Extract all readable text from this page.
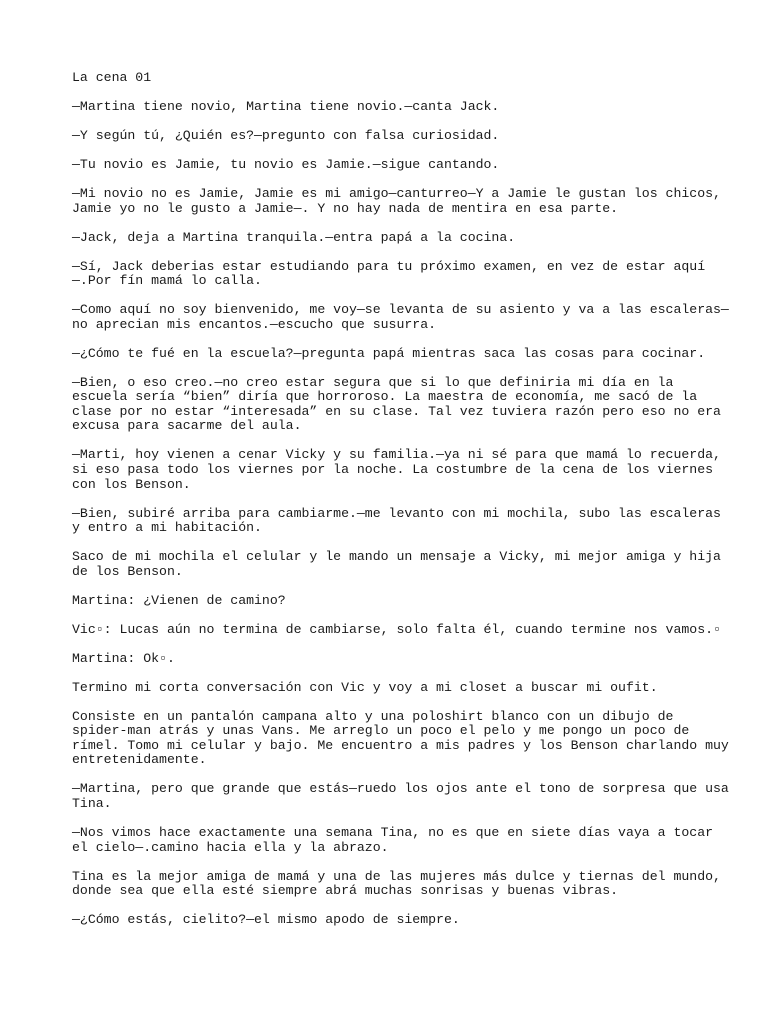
La cena 01

—Martina tiene novio, Martina tiene novio.—canta Jack.

—Y según tú, ¿Quién es?—pregunto con falsa curiosidad.

—Tu novio es Jamie, tu novio es Jamie.—sigue cantando.

—Mi novio no es Jamie, Jamie es mi amigo—canturreo—Y a Jamie le gustan los chicos,
Jamie yo no le gusto a Jamie—. Y no hay nada de mentira en esa parte.

—Jack, deja a Martina tranquila.—entra papá a la cocina.

—Sí, Jack deberias estar estudiando para tu próximo examen, en vez de estar aquí
—.Por fín mamá lo calla.

—Como aquí no soy bienvenido, me voy—se levanta de su asiento y va a las escaleras—
no aprecian mis encantos.—escucho que susurra.

—¿Cómo te fué en la escuela?—pregunta papá mientras saca las cosas para cocinar.

—Bien, o eso creo.—no creo estar segura que si lo que definiria mi día en la
escuela sería “bien” diría que horroroso. La maestra de economía, me sacó de la
clase por no estar “interesada” en su clase. Tal vez tuviera razón pero eso no era
excusa para sacarme del aula.

—Marti, hoy vienen a cenar Vicky y su familia.—ya ni sé para que mamá lo recuerda,
si eso pasa todo los viernes por la noche. La costumbre de la cena de los viernes
con los Benson.

—Bien, subiré arriba para cambiarme.—me levanto con mi mochila, subo las escaleras
y entro a mi habitación.

Saco de mi mochila el celular y le mando un mensaje a Vicky, mi mejor amiga y hija
de los Benson.

Martina: ¿Vienen de camino?

Vic▫: Lucas aún no termina de cambiarse, solo falta él, cuando termine nos vamos.▫

Martina: Ok▫.

Termino mi corta conversación con Vic y voy a mi closet a buscar mi oufit.

Consiste en un pantalón campana alto y una poloshirt blanco con un dibujo de
spider-man atrás y unas Vans. Me arreglo un poco el pelo y me pongo un poco de
rímel. Tomo mi celular y bajo. Me encuentro a mis padres y los Benson charlando muy
entretenidamente.

—Martina, pero que grande que estás—ruedo los ojos ante el tono de sorpresa que usa
Tina.

—Nos vimos hace exactamente una semana Tina, no es que en siete días vaya a tocar
el cielo—.camino hacia ella y la abrazo.

Tina es la mejor amiga de mamá y una de las mujeres más dulce y tiernas del mundo,
donde sea que ella esté siempre abrá muchas sonrisas y buenas vibras.

—¿Cómo estás, cielito?—el mismo apodo de siempre.
